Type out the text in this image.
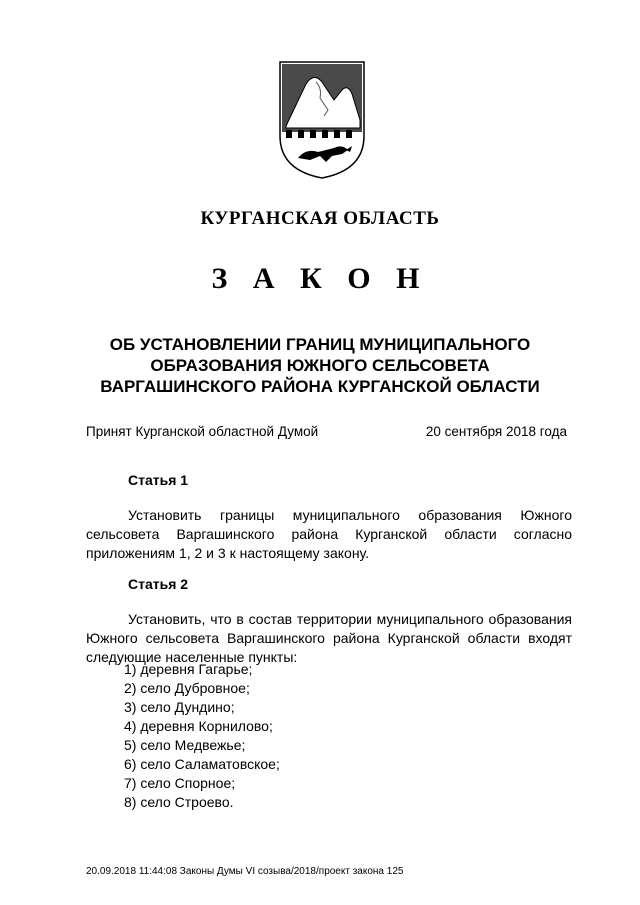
КУРГАНСКАЯ ОБЛАСТЬ
З А К О Н
ОБ УСТАНОВЛЕНИИ ГРАНИЦ МУНИЦИПАЛЬНОГО
ОБРАЗОВАНИЯ ЮЖНОГО СЕЛЬСОВЕТА
ВАРГАШИНСКОГО РАЙОНА КУРГАНСКОЙ ОБЛАСТИ
Принят Курганской областной Думой	20 сентября 2018 года
Статья 1
Установить границы муниципального образования Южного сельсовета Варгашинского района Курганской области согласно приложениям 1, 2 и 3 к настоящему закону.
Статья 2
Установить, что в состав территории муниципального образования Южного сельсовета Варгашинского района Курганской области входят следующие населенные пункты:
1) деревня Гагарье;
2) село Дубровное;
3) село Дундино;
4) деревня Корнилово;
5) село Медвежье;
6) село Саламатовское;
7) село Спорное;
8) село Строево.
20.09.2018 11:44:08 Законы Думы VI созыва/2018/проект закона 125
